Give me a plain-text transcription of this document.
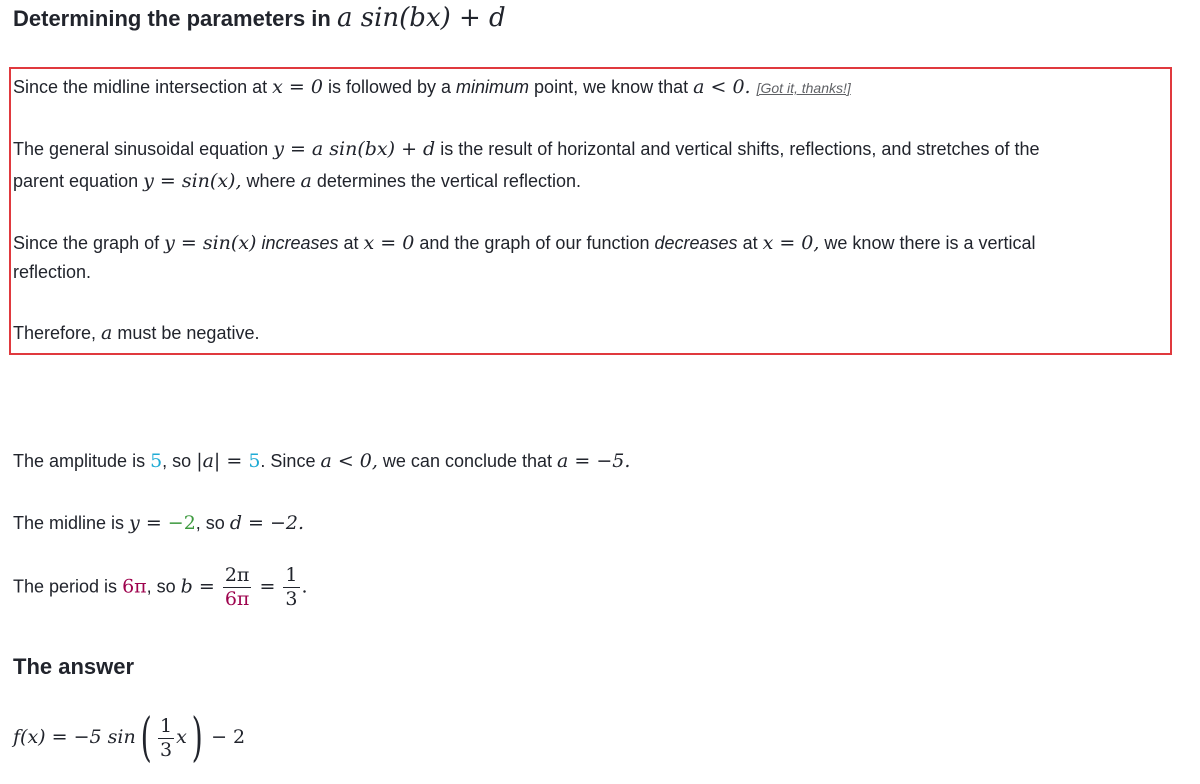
Determining the parameters in a sin(bx) + d
Since the midline intersection at x = 0 is followed by a minimum point, we know that a < 0. [Got it, thanks!]
The general sinusoidal equation y = a sin(bx) + d is the result of horizontal and vertical shifts, reflections, and stretches of the
parent equation y = sin(x), where a determines the vertical reflection.
Since the graph of y = sin(x) increases at x = 0 and the graph of our function decreases at x = 0, we know there is a vertical
reflection.
Therefore, a must be negative.
The amplitude is 5, so |a| = 5. Since a < 0, we can conclude that a = −5.
The midline is y = −2, so d = −2.
The period is 6π, so $b = \frac{2\pi}{6\pi} = \frac{1}{3}$ .
The answer
f(x) = −5 $\sin( \frac{1}{3} x) - 2$
